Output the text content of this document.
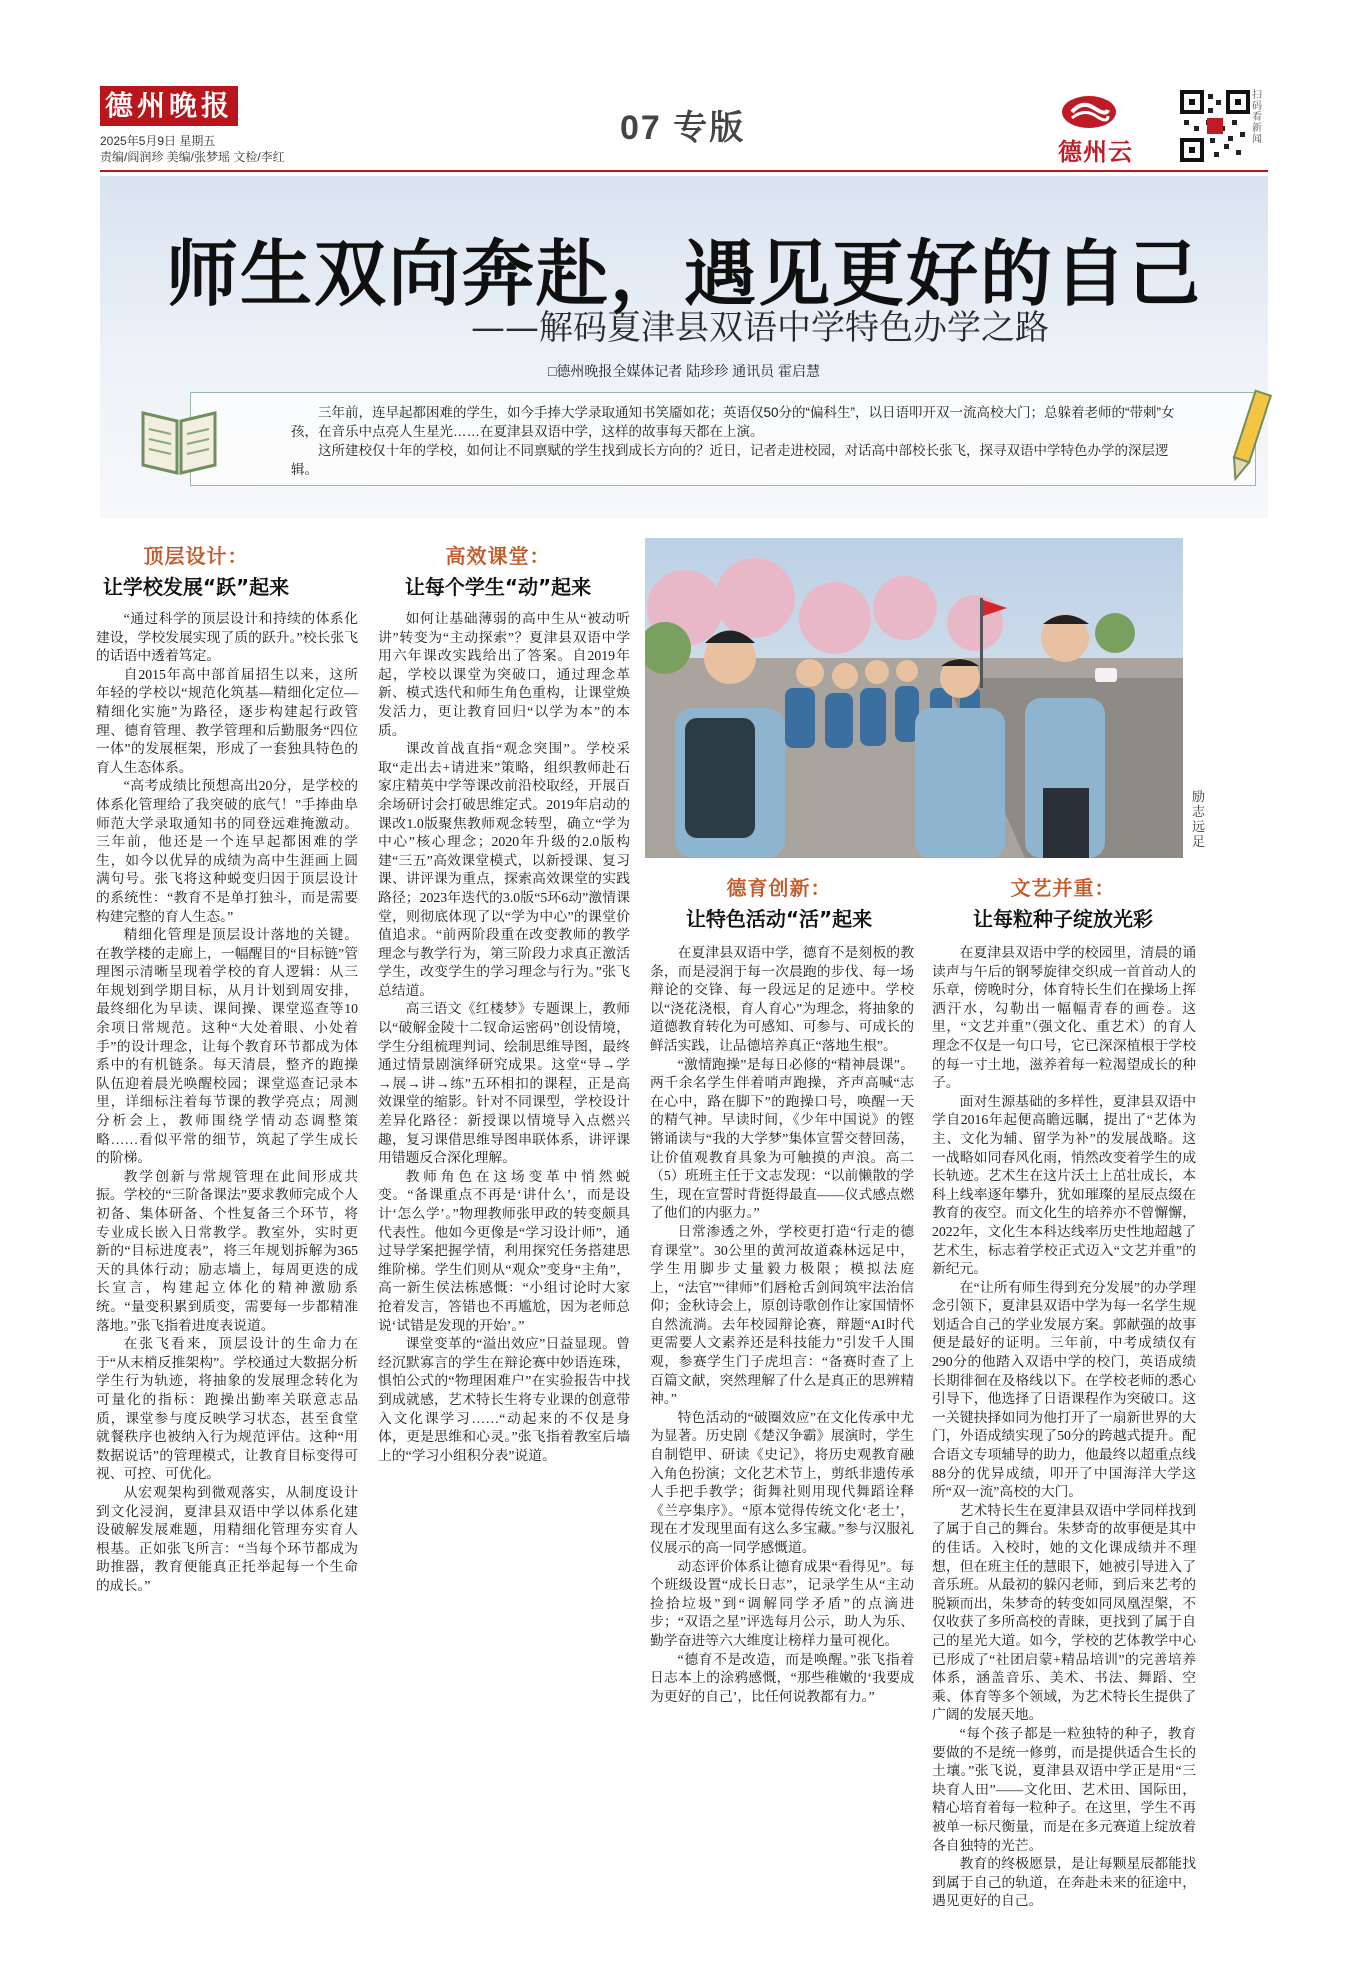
德州晚报
2025年5月9日 星期五
责编/阎润珍 美编/张梦瑶 文检/李红
07 专版
德州云
扫码看新闻
师生双向奔赴，遇见更好的自己
——解码夏津县双语中学特色办学之路
□德州晚报全媒体记者 陆珍珍 通讯员 霍启慧

三年前，连早起都困难的学生，如今手捧大学录取通知书笑靥如花；英语仅50分的“偏科生”，以日语叩开双一流高校大门；总躲着老师的“带刺”女孩，在音乐中点亮人生星光……在夏津县双语中学，这样的故事每天都在上演。

这所建校仅十年的学校，如何让不同禀赋的学生找到成长方向的？近日，记者走进校园，对话高中部校长张飞，探寻双语中学特色办学的深层逻辑。

顶层设计：
让学校发展“跃”起来

“通过科学的顶层设计和持续的体系化建设，学校发展实现了质的跃升。”校长张飞的话语中透着笃定。

自2015年高中部首届招生以来，这所年轻的学校以“规范化筑基—精细化定位—精细化实施”为路径，逐步构建起行政管理、德育管理、教学管理和后勤服务“四位一体”的发展框架，形成了一套独具特色的育人生态体系。

“高考成绩比预想高出20分，是学校的体系化管理给了我突破的底气！”手捧曲阜师范大学录取通知书的同登远难掩激动。三年前，他还是一个连早起都困难的学生，如今以优异的成绩为高中生涯画上圆满句号。张飞将这种蜕变归因于顶层设计的系统性：“教育不是单打独斗，而是需要构建完整的育人生态。”

精细化管理是顶层设计落地的关键。在教学楼的走廊上，一幅醒目的“目标链”管理图示清晰呈现着学校的育人逻辑：从三年规划到学期目标，从月计划到周安排，最终细化为早读、课间操、课堂巡查等10余项日常规范。这种“大处着眼、小处着手”的设计理念，让每个教育环节都成为体系中的有机链条。每天清晨，整齐的跑操队伍迎着晨光唤醒校园；课堂巡查记录本里，详细标注着每节课的教学亮点；周测分析会上，教师围绕学情动态调整策略……看似平常的细节，筑起了学生成长的阶梯。

教学创新与常规管理在此间形成共振。学校的“三阶备课法”要求教师完成个人初备、集体研备、个性复备三个环节，将专业成长嵌入日常教学。教室外，实时更新的“目标进度表”，将三年规划拆解为365天的具体行动；励志墙上，每周更迭的成长宣言，构建起立体化的精神激励系统。“量变积累到质变，需要每一步都精准落地。”张飞指着进度表说道。

在张飞看来，顶层设计的生命力在于“从末梢反推架构”。学校通过大数据分析学生行为轨迹，将抽象的发展理念转化为可量化的指标：跑操出勤率关联意志品质，课堂参与度反映学习状态，甚至食堂就餐秩序也被纳入行为规范评估。这种“用数据说话”的管理模式，让教育目标变得可视、可控、可优化。

从宏观架构到微观落实，从制度设计到文化浸润，夏津县双语中学以体系化建设破解发展难题，用精细化管理夯实育人根基。正如张飞所言：“当每个环节都成为助推器，教育便能真正托举起每一个生命的成长。”

高效课堂：
让每个学生“动”起来

如何让基础薄弱的高中生从“被动听讲”转变为“主动探索”？夏津县双语中学用六年课改实践给出了答案。自2019年起，学校以课堂为突破口，通过理念革新、模式迭代和师生角色重构，让课堂焕发活力，更让教育回归“以学为本”的本质。

课改首战直指“观念突围”。学校采取“走出去+请进来”策略，组织教师赴石家庄精英中学等课改前沿校取经，开展百余场研讨会打破思维定式。2019年启动的课改1.0版聚焦教师观念转型，确立“学为中心”核心理念；2020年升级的2.0版构建“三五”高效课堂模式，以新授课、复习课、讲评课为重点，探索高效课堂的实践路径；2023年迭代的3.0版“5环6动”激情课堂，则彻底体现了以“学为中心”的课堂价值追求。“前两阶段重在改变教师的教学理念与教学行为，第三阶段力求真正激活学生，改变学生的学习理念与行为。”张飞总结道。

高三语文《红楼梦》专题课上，教师以“破解金陵十二钗命运密码”创设情境，学生分组梳理判词、绘制思维导图，最终通过情景剧演绎研究成果。这堂“导→学→展→讲→练”五环相扣的课程，正是高效课堂的缩影。针对不同课型，学校设计差异化路径：新授课以情境导入点燃兴趣，复习课借思维导图串联体系，讲评课用错题反合深化理解。

教师角色在这场变革中悄然蜕变。“备课重点不再是‘讲什么’，而是设计‘怎么学’。”物理教师张甲政的转变颇具代表性。他如今更像是“学习设计师”，通过导学案把握学情，利用探究任务搭建思维阶梯。学生们则从“观众”变身“主角”，高一新生侯法栋感慨：“小组讨论时大家抢着发言，答错也不再尴尬，因为老师总说‘试错是发现的开始’。”

课堂变革的“溢出效应”日益显现。曾经沉默寡言的学生在辩论赛中妙语连珠，惧怕公式的“物理困难户”在实验报告中找到成就感，艺术特长生将专业课的创意带入文化课学习……“动起来的不仅是身体，更是思维和心灵。”张飞指着教室后墙上的“学习小组积分表”说道。

励志远足
德育创新：
让特色活动“活”起来

在夏津县双语中学，德育不是刻板的教条，而是浸润于每一次晨跑的步伐、每一场辩论的交锋、每一段远足的足迹中。学校以“浇花浇根，育人育心”为理念，将抽象的道德教育转化为可感知、可参与、可成长的鲜活实践，让品德培养真正“落地生根”。

“激情跑操”是每日必修的“精神晨课”。两千余名学生伴着哨声跑操，齐声高喊“志在心中，路在脚下”的跑操口号，唤醒一天的精气神。早读时间，《少年中国说》的铿锵诵读与“我的大学梦”集体宣誓交替回荡，让价值观教育具象为可触摸的声浪。高二（5）班班主任于文志发现：“以前懒散的学生，现在宣誓时背挺得最直——仪式感点燃了他们的内驱力。”

日常渗透之外，学校更打造“行走的德育课堂”。30公里的黄河故道森林远足中，学生用脚步丈量毅力极限；模拟法庭上，“法官”“律师”们唇枪舌剑间筑牢法治信仰；金秋诗会上，原创诗歌创作让家国情怀自然流淌。去年校园辩论赛，辩题“AI时代更需要人文素养还是科技能力”引发千人围观，参赛学生门子虎坦言：“备赛时查了上百篇文献，突然理解了什么是真正的思辨精神。”

特色活动的“破圈效应”在文化传承中尤为显著。历史剧《楚汉争霸》展演时，学生自制铠甲、研读《史记》，将历史观教育融入角色扮演；文化艺术节上，剪纸非遗传承人手把手教学；街舞社则用现代舞蹈诠释《兰亭集序》。“原本觉得传统文化‘老土’，现在才发现里面有这么多宝藏。”参与汉服礼仪展示的高一同学感慨道。

动态评价体系让德育成果“看得见”。每个班级设置“成长日志”，记录学生从“主动捡拾垃圾”到“调解同学矛盾”的点滴进步；“双语之星”评选每月公示，助人为乐、勤学奋进等六大维度让榜样力量可视化。

“德育不是改造，而是唤醒。”张飞指着日志本上的涂鸦感慨，“那些稚嫩的‘我要成为更好的自己’，比任何说教都有力。”

文艺并重：
让每粒种子绽放光彩

在夏津县双语中学的校园里，清晨的诵读声与午后的钢琴旋律交织成一首首动人的乐章，傍晚时分，体育特长生们在操场上挥洒汗水，勾勒出一幅幅青春的画卷。这里，“文艺并重”（强文化、重艺术）的育人理念不仅是一句口号，它已深深植根于学校的每一寸土地，滋养着每一粒渴望成长的种子。

面对生源基础的多样性，夏津县双语中学自2016年起便高瞻远瞩，提出了“艺体为主、文化为辅、留学为补”的发展战略。这一战略如同春风化雨，悄然改变着学生的成长轨迹。艺术生在这片沃土上茁壮成长，本科上线率逐年攀升，犹如璀璨的星辰点缀在教育的夜空。而文化生的培养亦不曾懈懈，2022年，文化生本科达线率历史性地超越了艺术生，标志着学校正式迈入“文艺并重”的新纪元。

在“让所有师生得到充分发展”的办学理念引领下，夏津县双语中学为每一名学生规划适合自己的学业发展方案。郭献强的故事便是最好的证明。三年前，中考成绩仅有290分的他踏入双语中学的校门，英语成绩长期徘徊在及格线以下。在学校老师的悉心引导下，他选择了日语课程作为突破口。这一关键抉择如同为他打开了一扇新世界的大门，外语成绩实现了50分的跨越式提升。配合语文专项辅导的助力，他最终以超重点线88分的优异成绩，叩开了中国海洋大学这所“双一流”高校的大门。

艺术特长生在夏津县双语中学同样找到了属于自己的舞台。朱梦奇的故事便是其中的佳话。入校时，她的文化课成绩并不理想，但在班主任的慧眼下，她被引导进入了音乐班。从最初的躲闪老师，到后来艺考的脱颖而出，朱梦奇的转变如同凤凰涅槃，不仅收获了多所高校的青睐，更找到了属于自己的星光大道。如今，学校的艺体教学中心已形成了“社团启蒙+精品培训”的完善培养体系，涵盖音乐、美术、书法、舞蹈、空乘、体育等多个领域，为艺术特长生提供了广阔的发展天地。

“每个孩子都是一粒独特的种子，教育要做的不是统一修剪，而是提供适合生长的土壤。”张飞说，夏津县双语中学正是用“三块育人田”——文化田、艺术田、国际田，精心培育着每一粒种子。在这里，学生不再被单一标尺衡量，而是在多元赛道上绽放着各自独特的光芒。

教育的终极愿景，是让每颗星辰都能找到属于自己的轨道，在奔赴未来的征途中，遇见更好的自己。
